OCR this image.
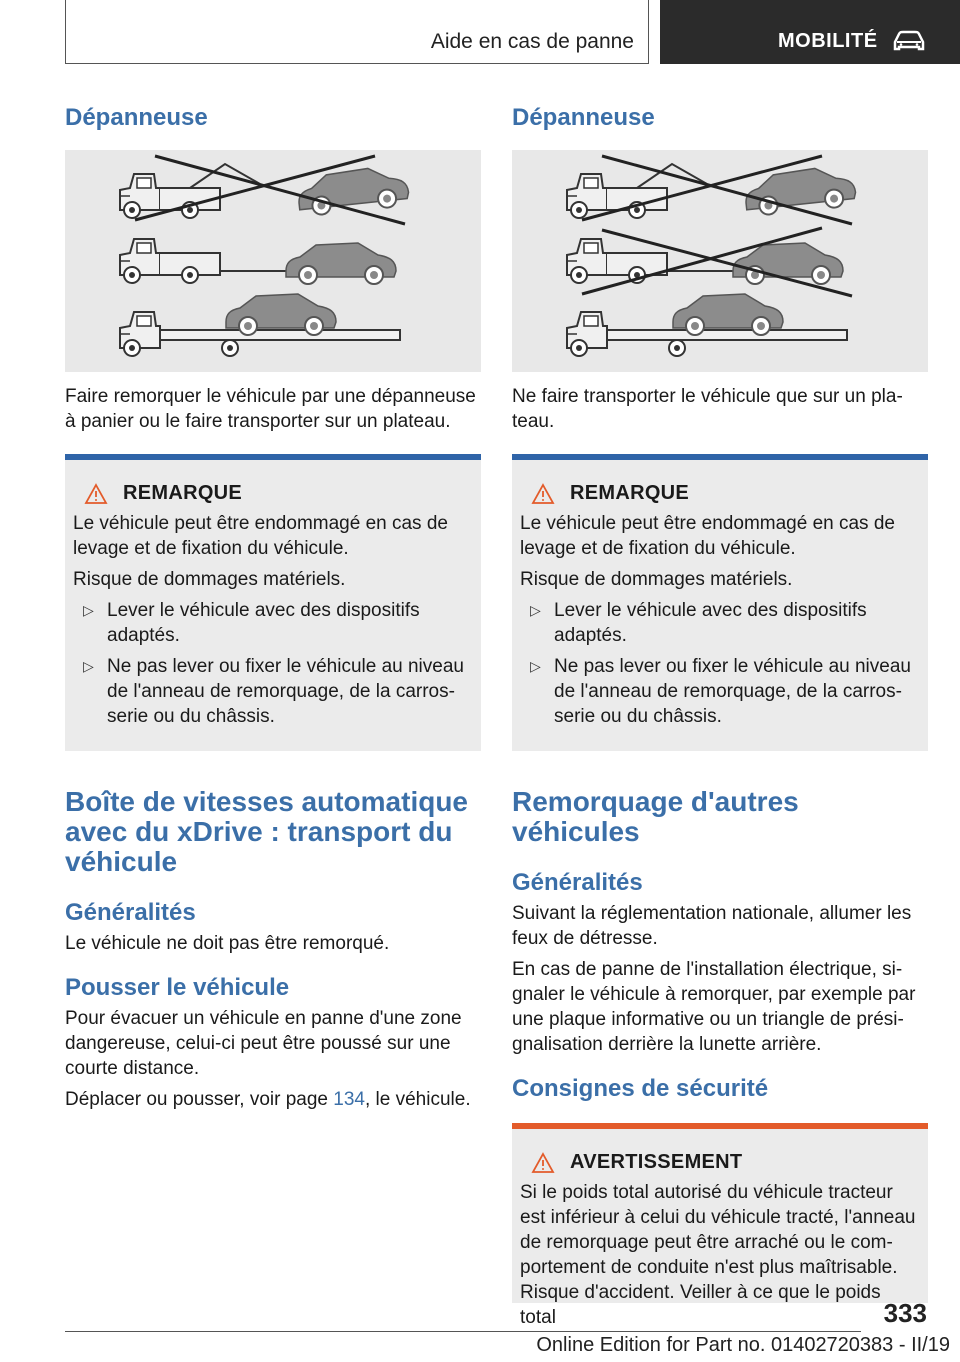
Aide en cas de panne	MOBILITÉ
Dépanneuse

Faire remorquer le véhicule par une dépanneuse à panier ou le faire transporter sur un plateau.

REMARQUE

Le véhicule peut être endommagé en cas de levage et de fixation du véhicule.

Risque de dommages matériels.

▷ Lever le véhicule avec des dispositifs adaptés.
▷ Ne pas lever ou fixer le véhicule au niveau de l'anneau de remorquage, de la carrosserie ou du châssis.
Boîte de vitesses automatique avec du xDrive : transport du véhicule
Généralités

Le véhicule ne doit pas être remorqué.

Pousser le véhicule

Pour évacuer un véhicule en panne d'une zone dangereuse, celui-ci peut être poussé sur une courte distance.

Déplacer ou pousser, voir page 134, le véhicule.

Dépanneuse

Ne faire transporter le véhicule que sur un plateau.

REMARQUE

Le véhicule peut être endommagé en cas de levage et de fixation du véhicule.

Risque de dommages matériels.

▷ Lever le véhicule avec des dispositifs adaptés.
▷ Ne pas lever ou fixer le véhicule au niveau de l'anneau de remorquage, de la carrosserie ou du châssis.
Remorquage d'autres véhicules
Généralités

Suivant la réglementation nationale, allumer les feux de détresse.

En cas de panne de l'installation électrique, signaler le véhicule à remorquer, par exemple par une plaque informative ou un triangle de présignalisation derrière la lunette arrière.

Consignes de sécurité
AVERTISSEMENT

Si le poids total autorisé du véhicule tracteur est inférieur à celui du véhicule tracté, l'anneau de remorquage peut être arraché ou le comportement de conduite n'est plus maîtrisable. Risque d'accident. Veiller à ce que le poids total	333
Online Edition for Part no. 01402720383 - II/19
